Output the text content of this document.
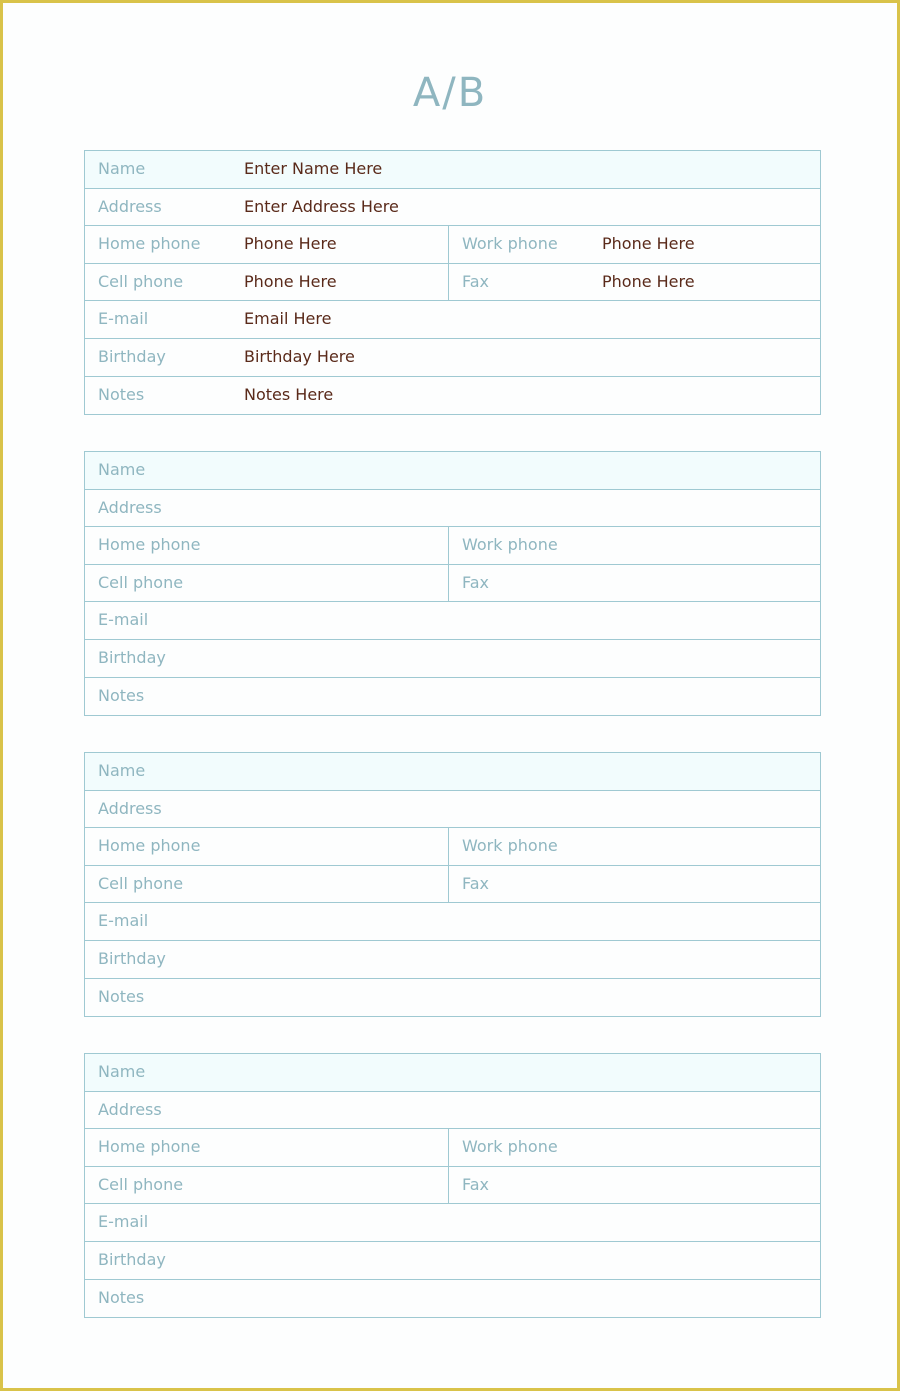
A/B
Name	Enter Name Here
Address	Enter Address Here
Home phone	Phone Here	Work phone	Phone Here
Cell phone	Phone Here	Fax	Phone Here
E-mail	Email Here
Birthday	Birthday Here
Notes	Notes Here
Name
Address
Home phone	Work phone
Cell phone	Fax
E-mail
Birthday
Notes
Name
Address
Home phone	Work phone
Cell phone	Fax
E-mail
Birthday
Notes
Name
Address
Home phone	Work phone
Cell phone	Fax
E-mail
Birthday
Notes
